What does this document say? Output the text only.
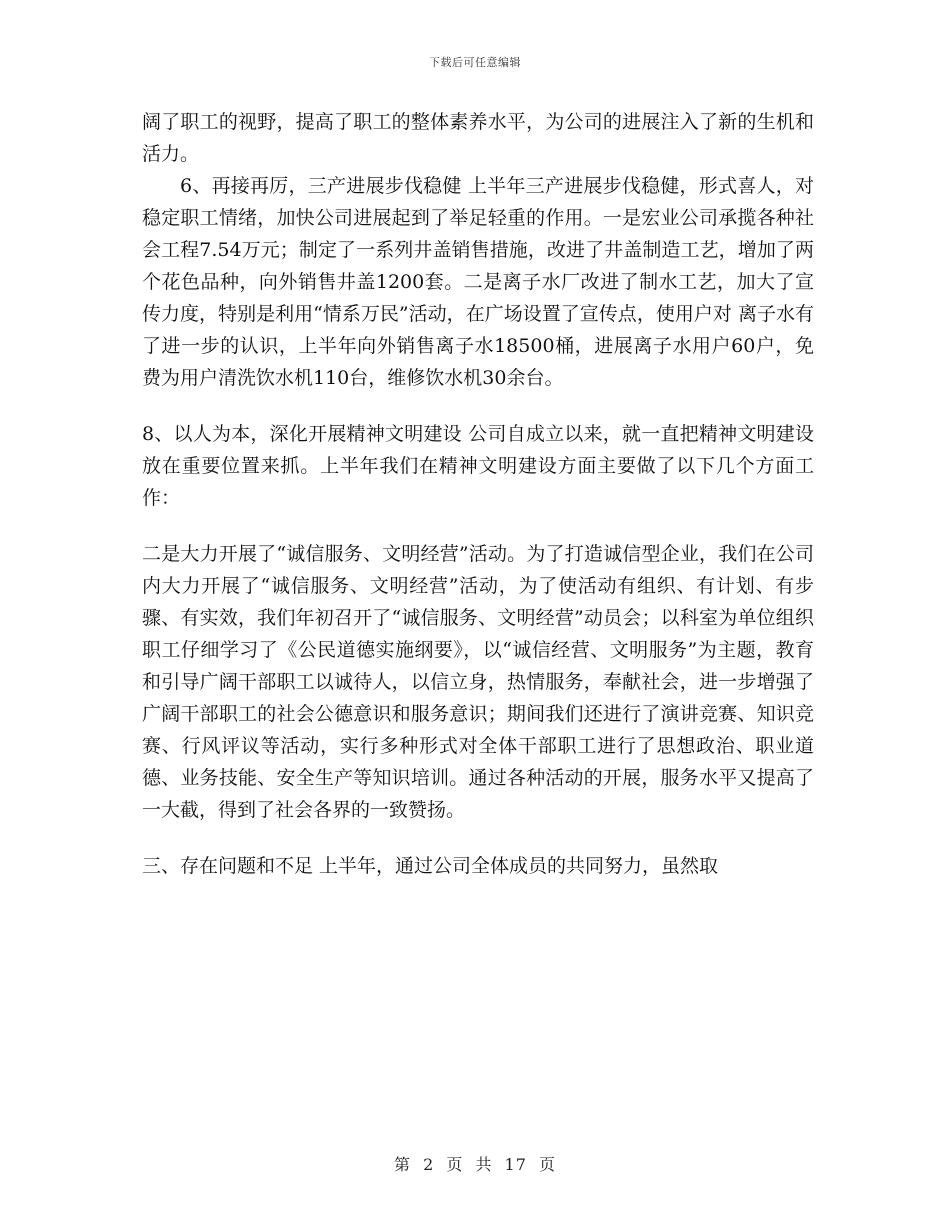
下载后可任意编辑

阔了职工的视野，提高了职工的整体素养水平，为公司的进展注入了新的生机和活力。

6、再接再厉，三产进展步伐稳健 上半年三产进展步伐稳健，形式喜人，对稳定职工情绪，加快公司进展起到了举足轻重的作用。一是宏业公司承揽各种社会工程7.54万元；制定了一系列井盖销售措施，改进了井盖制造工艺，增加了两个花色品种，向外销售井盖1200套。二是离子水厂改进了制水工艺，加大了宣传力度，特别是利用“情系万民”活动，在广场设置了宣传点，使用户对 离子水有了进一步的认识，上半年向外销售离子水18500桶，进展离子水用户60户，免费为用户清洗饮水机110台，维修饮水机30余台。

8、以人为本，深化开展精神文明建设 公司自成立以来，就一直把精神文明建设放在重要位置来抓。上半年我们在精神文明建设方面主要做了以下几个方面工作：

二是大力开展了“诚信服务、文明经营”活动。为了打造诚信型企业，我们在公司内大力开展了“诚信服务、文明经营”活动，为了使活动有组织、有计划、有步骤、有实效，我们年初召开了“诚信服务、文明经营”动员会；以科室为单位组织职工仔细学习了《公民道德实施纲要》，以“诚信经营、文明服务”为主题，教育和引导广阔干部职工以诚待人，以信立身，热情服务，奉献社会，进一步增强了广阔干部职工的社会公德意识和服务意识；期间我们还进行了演讲竞赛、知识竞赛、行风评议等活动，实行多种形式对全体干部职工进行了思想政治、职业道德、业务技能、安全生产等知识培训。通过各种活动的开展，服务水平又提高了一大截，得到了社会各界的一致赞扬。

三、存在问题和不足 上半年，通过公司全体成员的共同努力，虽然取

第 2 页 共 17 页
